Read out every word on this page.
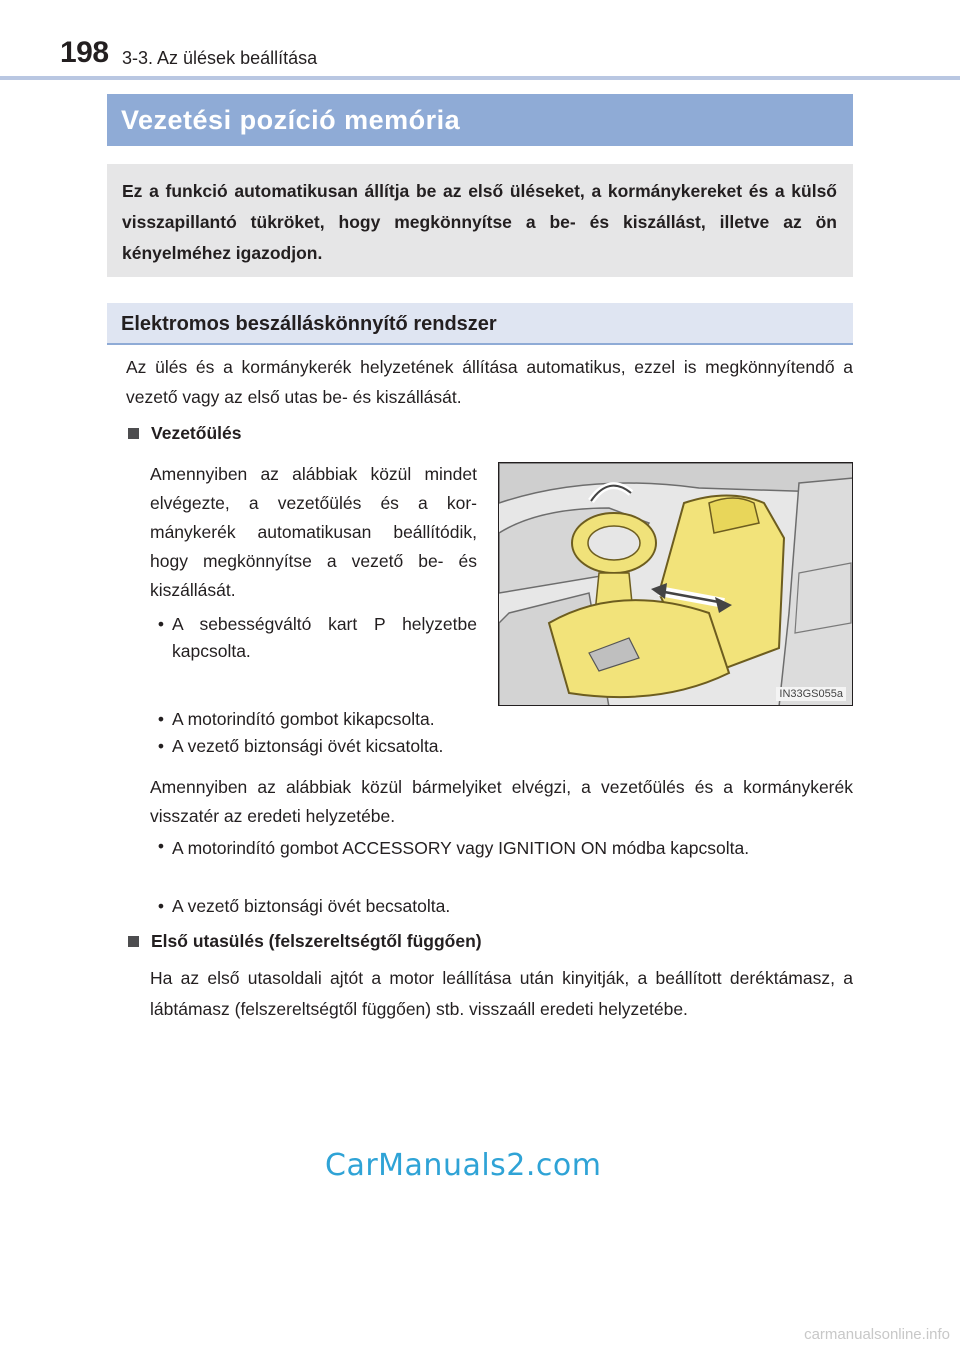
198 3-3. Az ülések beállítása
Vezetési pozíció memória
Ez a funkció automatikusan állítja be az első üléseket, a kormánykereket és a külső visszapillantó tükröket, hogy megkönnyítse a be- és kiszállást, illetve az ön kényelméhez igazodjon.
Elektromos beszálláskönnyítő rendszer
Az ülés és a kormánykerék helyzetének állítása automatikus, ezzel is megkönnyítendő a vezető vagy az első utas be- és kiszállását.
Vezetőülés
Amennyiben az alábbiak közül mindet elvégezte, a vezetőülés és a kormánykerék automatikusan beállítódik, hogy megkönnyítse a vezető be- és kiszállását.
• A sebességváltó kart P helyzetbe kapcsolta.
IN33GS055a
• A motorindító gombot kikapcsolta.
• A vezető biztonsági övét kicsatolta.
Amennyiben az alábbiak közül bármelyiket elvégzi, a vezetőülés és a kormánykerék visszatér az eredeti helyzetébe.
• A motorindító gombot ACCESSORY vagy IGNITION ON módba kapcsolta.
• A vezető biztonsági övét becsatolta.
Első utasülés (felszereltségtől függően)
Ha az első utasoldali ajtót a motor leállítása után kinyitják, a beállított deréktámasz, a lábtámasz (felszereltségtől függően) stb. visszaáll eredeti helyzetébe.
CarManuals2.com
carmanualsonline.info
